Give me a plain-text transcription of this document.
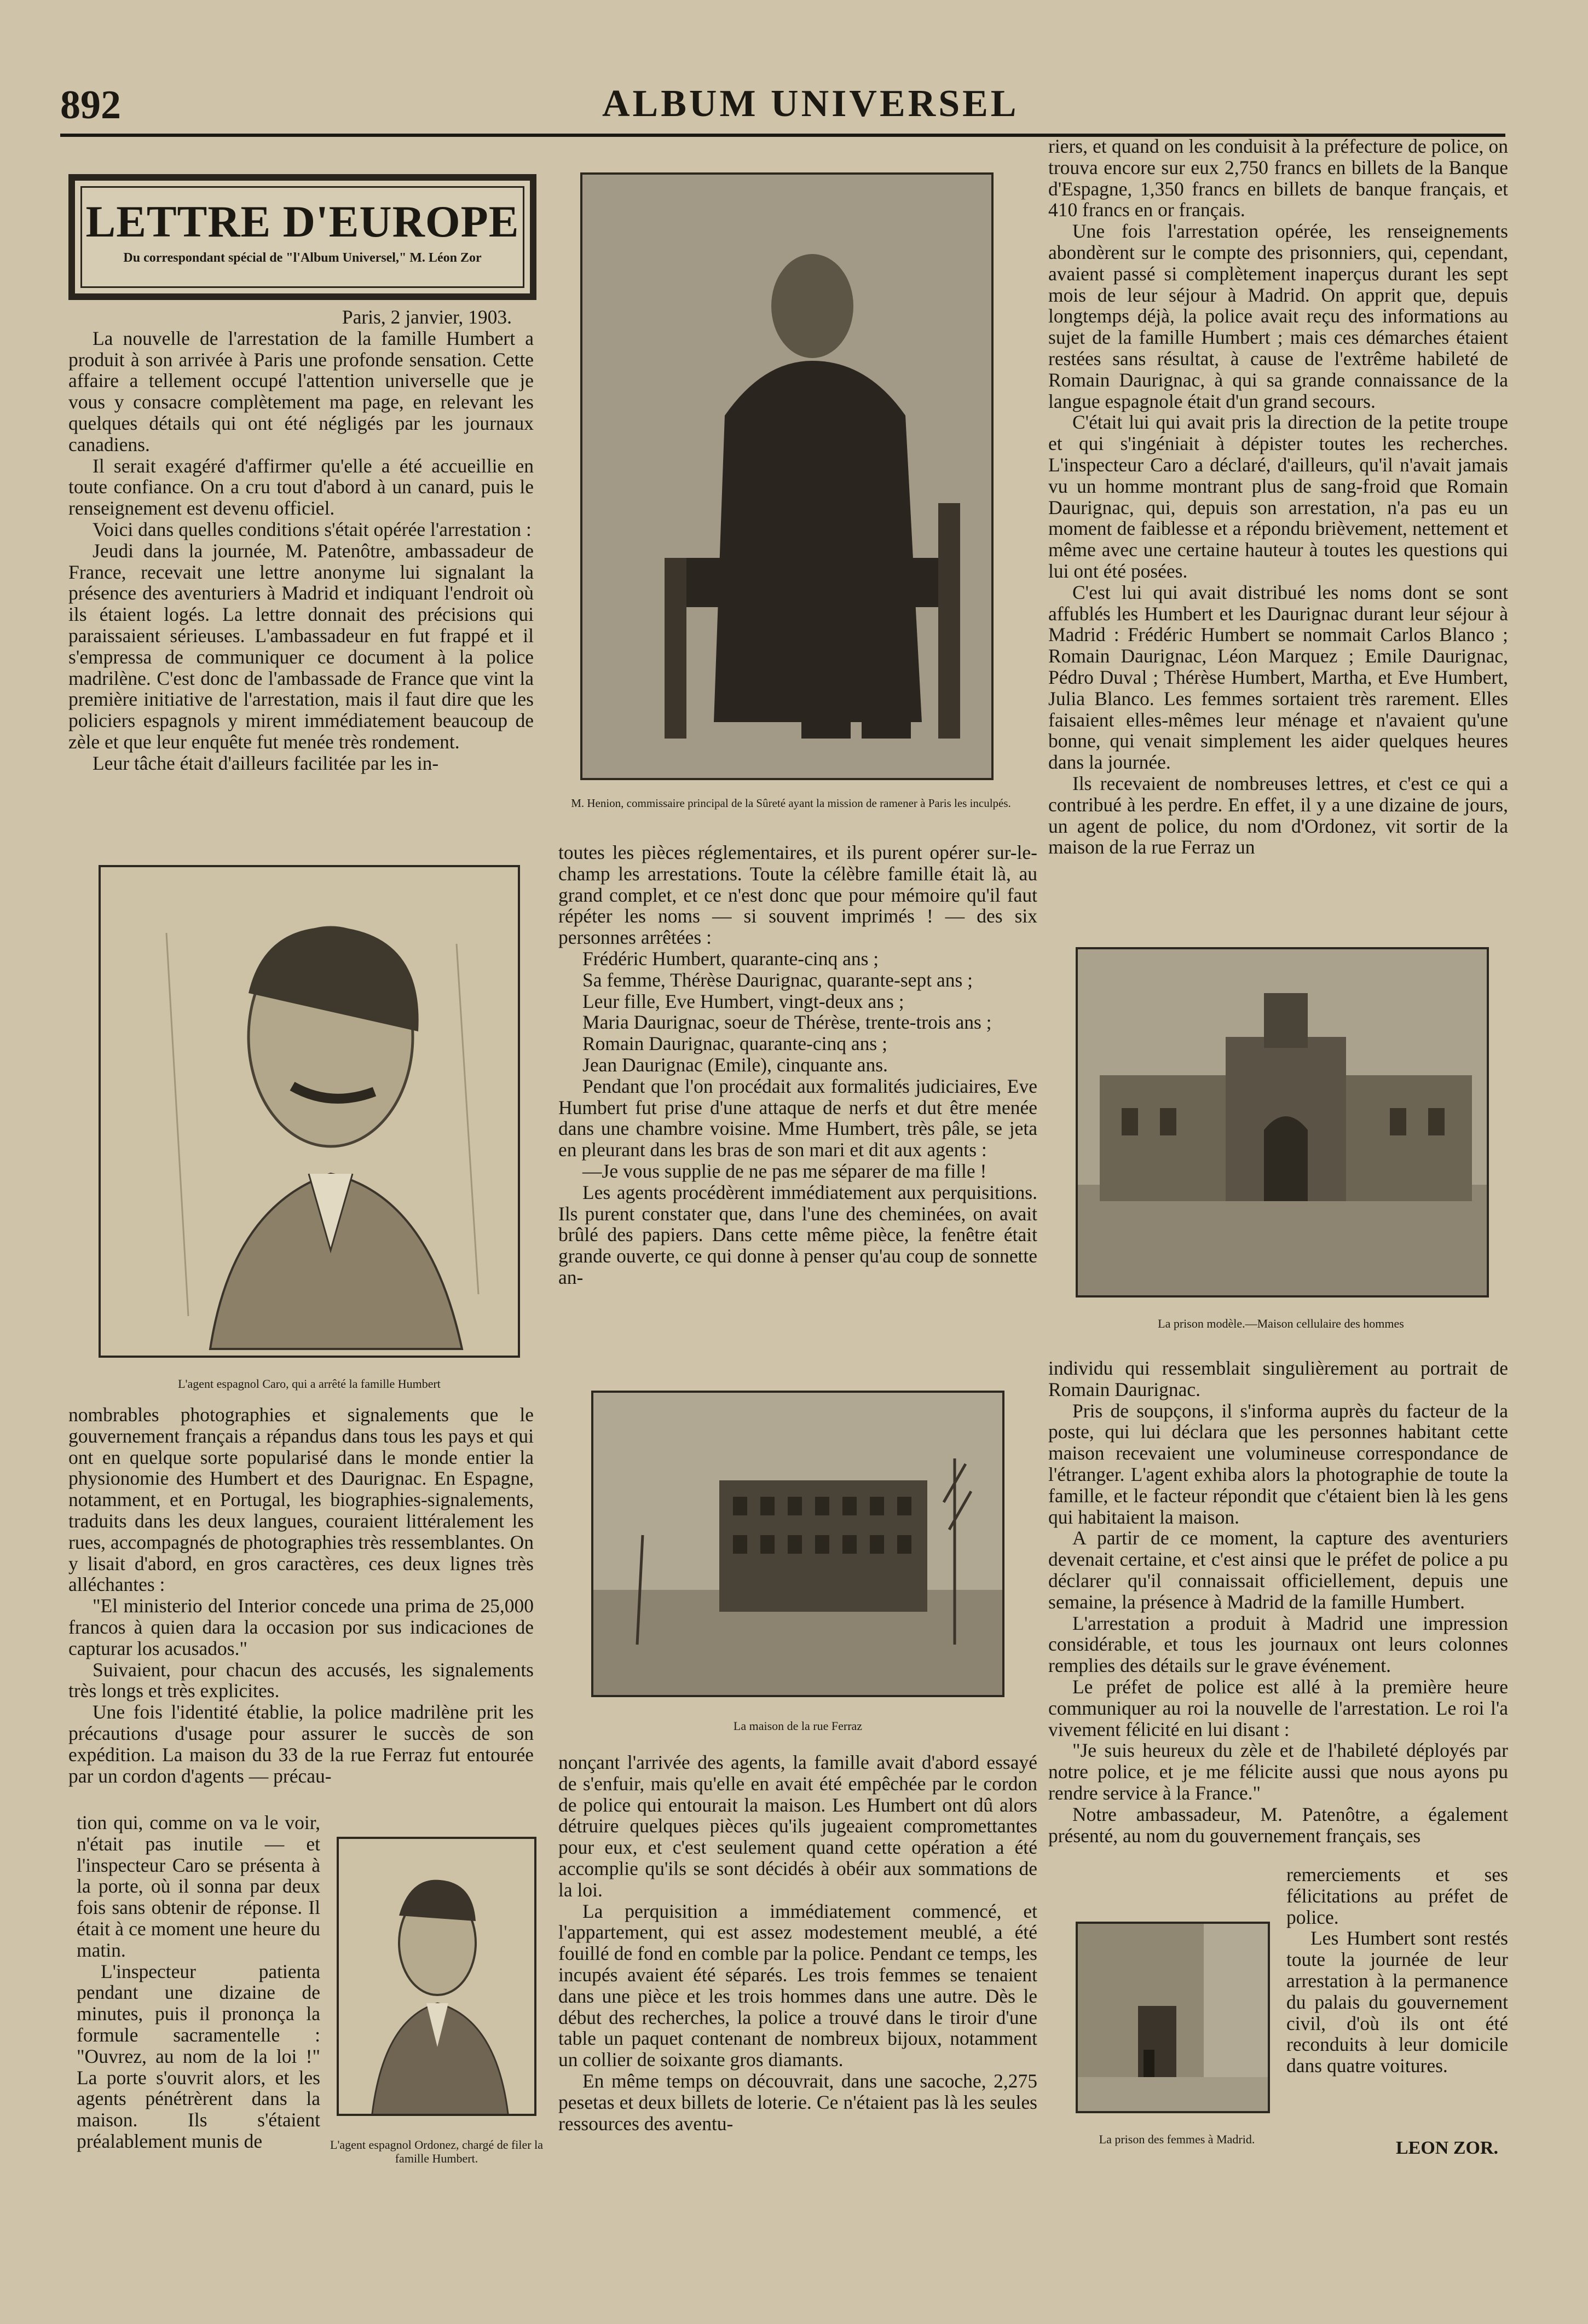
892	ALBUM UNIVERSEL
LETTRE D'EUROPE
Du correspondant spécial de "l'Album Universel," M. Léon Zor

Paris, 2 janvier, 1903.

La nouvelle de l'arrestation de la famille Humbert a produit à son arrivée à Paris une profonde sensation. Cette affaire a tellement occupé l'attention universelle que je vous y consacre complètement ma page, en relevant les quelques détails qui ont été négligés par les journaux canadiens.

Il serait exagéré d'affirmer qu'elle a été accueillie en toute confiance. On a cru tout d'abord à un canard, puis le renseignement est devenu officiel.

Voici dans quelles conditions s'était opérée l'arrestation :

Jeudi dans la journée, M. Patenôtre, ambassadeur de France, recevait une lettre anonyme lui signalant la présence des aventuriers à Madrid et indiquant l'endroit où ils étaient logés. La lettre donnait des précisions qui paraissaient sérieuses. L'ambassadeur en fut frappé et il s'empressa de communiquer ce document à la police madrilène. C'est donc de l'ambassade de France que vint la première initiative de l'arrestation, mais il faut dire que les policiers espagnols y mirent immédiatement beaucoup de zèle et que leur enquête fut menée très rondement.

Leur tâche était d'ailleurs facilitée par les in-

L'agent espagnol Caro, qui a arrêté la famille Humbert

nombrables photographies et signalements que le gouvernement français a répandus dans tous les pays et qui ont en quelque sorte popularisé dans le monde entier la physionomie des Humbert et des Daurignac. En Espagne, notamment, et en Portugal, les biographies-signalements, traduits dans les deux langues, couraient littéralement les rues, accompagnés de photographies très ressemblantes. On y lisait d'abord, en gros caractères, ces deux lignes très alléchantes :

"El ministerio del Interior concede una prima de 25,000 francos à quien dara la occasion por sus indicaciones de capturar los acusados."

Suivaient, pour chacun des accusés, les signalements très longs et très explicites.

Une fois l'identité établie, la police madrilène prit les précautions d'usage pour assurer le succès de son expédition. La maison du 33 de la rue Ferraz fut entourée par un cordon d'agents — précau-

tion qui, comme on va le voir, n'était pas inutile — et l'inspecteur Caro se présenta à la porte, où il sonna par deux fois sans obtenir de réponse. Il était à ce moment une heure du matin.

L'inspecteur patienta pendant une dizaine de minutes, puis il prononça la formule sacramentelle : "Ouvrez, au nom de la loi !" La porte s'ouvrit alors, et les agents pénétrèrent dans la maison. Ils s'étaient préalablement munis de	L'agent espagnol Ordonez, chargé de filer la famille Humbert.
M. Henion, commissaire principal de la Sûreté ayant la mission de ramener à Paris les inculpés.

toutes les pièces réglementaires, et ils purent opérer sur-le-champ les arrestations. Toute la célèbre famille était là, au grand complet, et ce n'est donc que pour mémoire qu'il faut répéter les noms — si souvent imprimés ! — des six personnes arrêtées :

Frédéric Humbert, quarante-cinq ans ;

Sa femme, Thérèse Daurignac, quarante-sept ans ;

Leur fille, Eve Humbert, vingt-deux ans ;

Maria Daurignac, soeur de Thérèse, trente-trois ans ;

Romain Daurignac, quarante-cinq ans ;

Jean Daurignac (Emile), cinquante ans.

Pendant que l'on procédait aux formalités judiciaires, Eve Humbert fut prise d'une attaque de nerfs et dut être menée dans une chambre voisine. Mme Humbert, très pâle, se jeta en pleurant dans les bras de son mari et dit aux agents :

—Je vous supplie de ne pas me séparer de ma fille !

Les agents procédèrent immédiatement aux perquisitions. Ils purent constater que, dans l'une des cheminées, on avait brûlé des papiers. Dans cette même pièce, la fenêtre était grande ouverte, ce qui donne à penser qu'au coup de sonnette an-

La maison de la rue Ferraz

nonçant l'arrivée des agents, la famille avait d'abord essayé de s'enfuir, mais qu'elle en avait été empêchée par le cordon de police qui entourait la maison. Les Humbert ont dû alors détruire quelques pièces qu'ils jugeaient compromettantes pour eux, et c'est seulement quand cette opération a été accomplie qu'ils se sont décidés à obéir aux sommations de la loi.

La perquisition a immédiatement commencé, et l'appartement, qui est assez modestement meublé, a été fouillé de fond en comble par la police. Pendant ce temps, les incupés avaient été séparés. Les trois femmes se tenaient dans une pièce et les trois hommes dans une autre. Dès le début des recherches, la police a trouvé dans le tiroir d'une table un paquet contenant de nombreux bijoux, notamment un collier de soixante gros diamants.

En même temps on découvrait, dans une sacoche, 2,275 pesetas et deux billets de loterie. Ce n'étaient pas là les seules ressources des aventu-

riers, et quand on les conduisit à la préfecture de police, on trouva encore sur eux 2,750 francs en billets de la Banque d'Espagne, 1,350 francs en billets de banque français, et 410 francs en or français.

Une fois l'arrestation opérée, les renseignements abondèrent sur le compte des prisonniers, qui, cependant, avaient passé si complètement inaperçus durant les sept mois de leur séjour à Madrid. On apprit que, depuis longtemps déjà, la police avait reçu des informations au sujet de la famille Humbert ; mais ces démarches étaient restées sans résultat, à cause de l'extrême habileté de Romain Daurignac, à qui sa grande connaissance de la langue espagnole était d'un grand secours.

C'était lui qui avait pris la direction de la petite troupe et qui s'ingéniait à dépister toutes les recherches. L'inspecteur Caro a déclaré, d'ailleurs, qu'il n'avait jamais vu un homme montrant plus de sang-froid que Romain Daurignac, qui, depuis son arrestation, n'a pas eu un moment de faiblesse et a répondu brièvement, nettement et même avec une certaine hauteur à toutes les questions qui lui ont été posées.

C'est lui qui avait distribué les noms dont se sont affublés les Humbert et les Daurignac durant leur séjour à Madrid : Frédéric Humbert se nommait Carlos Blanco ; Romain Daurignac, Léon Marquez ; Emile Daurignac, Pédro Duval ; Thérèse Humbert, Martha, et Eve Humbert, Julia Blanco. Les femmes sortaient très rarement. Elles faisaient elles-mêmes leur ménage et n'avaient qu'une bonne, qui venait simplement les aider quelques heures dans la journée.

Ils recevaient de nombreuses lettres, et c'est ce qui a contribué à les perdre. En effet, il y a une dizaine de jours, un agent de police, du nom d'Ordonez, vit sortir de la maison de la rue Ferraz un

La prison modèle.—Maison cellulaire des hommes

individu qui ressemblait singulièrement au portrait de Romain Daurignac.

Pris de soupçons, il s'informa auprès du facteur de la poste, qui lui déclara que les personnes habitant cette maison recevaient une volumineuse correspondance de l'étranger. L'agent exhiba alors la photographie de toute la famille, et le facteur répondit que c'étaient bien là les gens qui habitaient la maison.

A partir de ce moment, la capture des aventuriers devenait certaine, et c'est ainsi que le préfet de police a pu déclarer qu'il connaissait officiellement, depuis une semaine, la présence à Madrid de la famille Humbert.

L'arrestation a produit à Madrid une impression considérable, et tous les journaux ont leurs colonnes remplies des détails sur le grave événement.

Le préfet de police est allé à la première heure communiquer au roi la nouvelle de l'arrestation. Le roi l'a vivement félicité en lui disant :

"Je suis heureux du zèle et de l'habileté déployés par notre police, et je me félicite aussi que nous ayons pu rendre service à la France."

Notre ambassadeur, M. Patenôtre, a également présenté, au nom du gouvernement français, ses

La prison des femmes à Madrid.

remerciements et ses félicitations au préfet de police.

Les Humbert sont restés toute la journée de leur arrestation à la permanence du palais du gouvernement civil, d'où ils ont été reconduits à leur domicile dans quatre voitures.

LEON ZOR.
